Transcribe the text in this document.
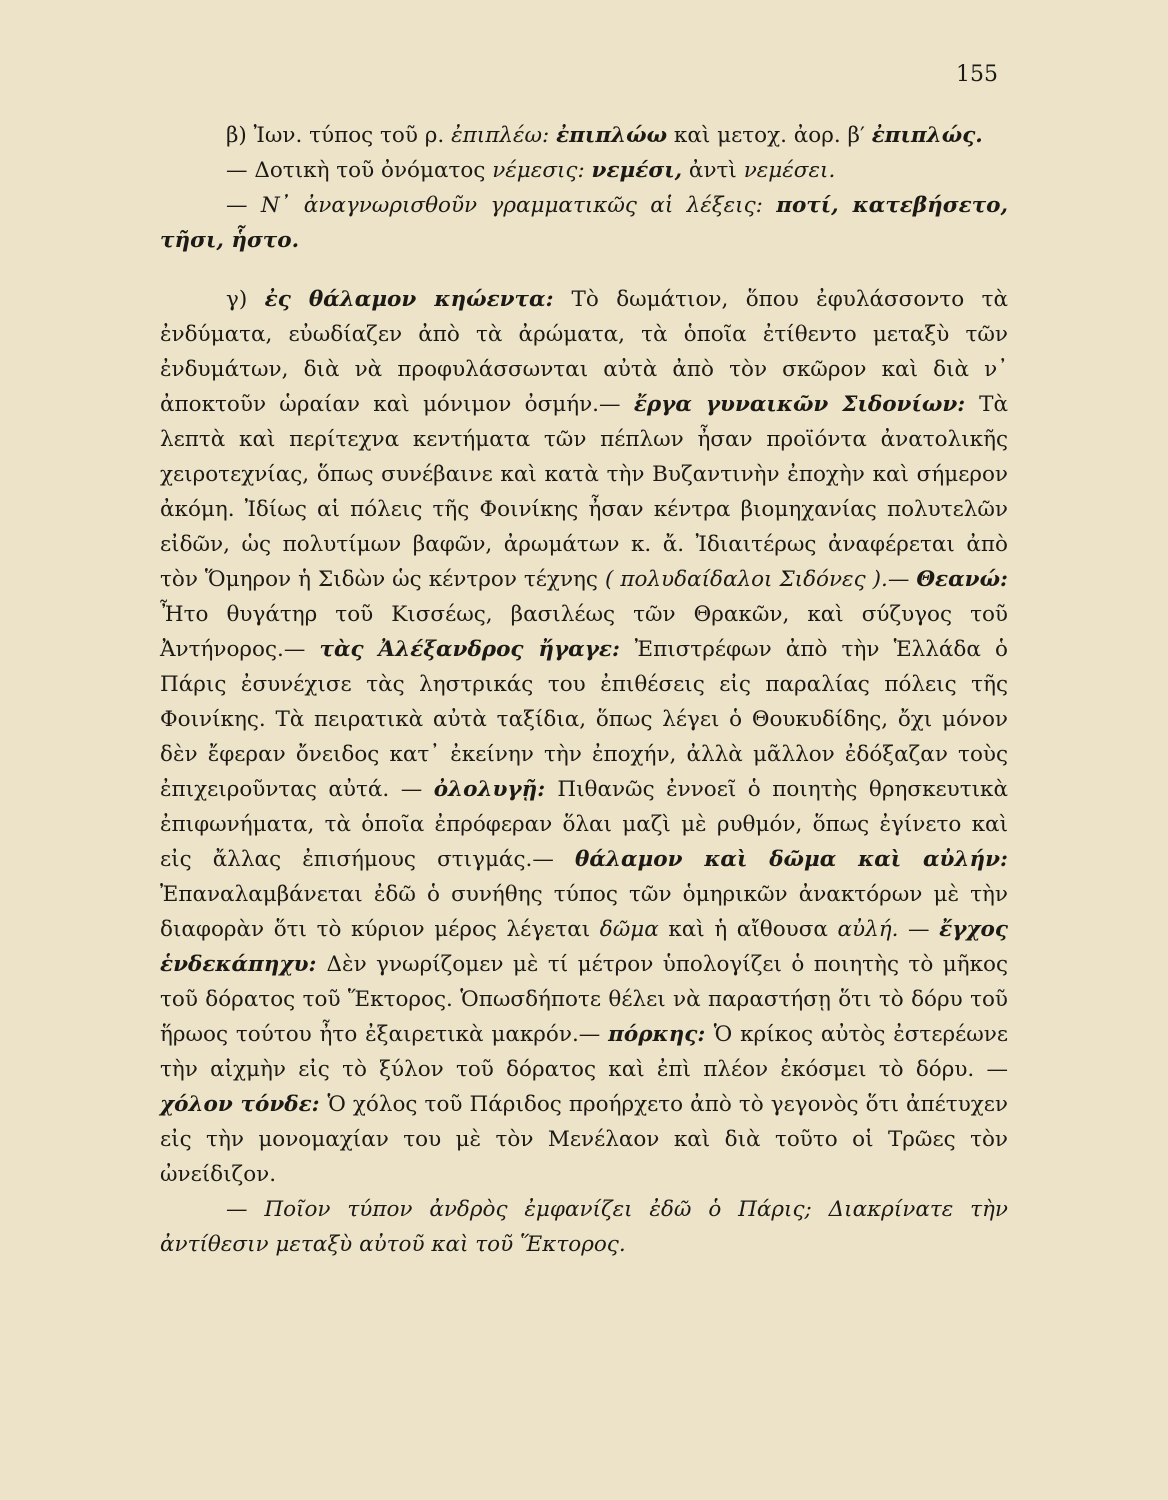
155

β) Ἰων. τύπος τοῦ ρ. ἐπιπλέω: ἐπιπλώω καὶ μετοχ. ἀορ. β′ ἐπιπλώς.

— Δοτικὴ τοῦ ὀνόματος νέμεσις: νεμέσι, ἀντὶ νεμέσει.

— Ν᾿ ἀναγνωρισθοῦν γραμματικῶς αἱ λέξεις: ποτί, κατεβήσετο, τῆσι, ἧστο.

γ) ἐς θάλαμον κηώεντα: Τὸ δωμάτιον, ὅπου ἐφυλάσσοντο τὰ ἐνδύματα, εὐωδίαζεν ἀπὸ τὰ ἀρώματα, τὰ ὁποῖα ἐτίθεντο μεταξὺ τῶν ἐνδυμάτων, διὰ νὰ προφυλάσσωνται αὐτὰ ἀπὸ τὸν σκῶρον καὶ διὰ ν᾿ ἀποκτοῦν ὡραίαν καὶ μόνιμον ὀσμήν.— ἔργα γυναικῶν Σιδονίων: Τὰ λεπτὰ καὶ περίτεχνα κεντήματα τῶν πέπλων ἦσαν προϊόντα ἀνατολικῆς χειροτεχνίας, ὅπως συνέβαινε καὶ κατὰ τὴν Βυζαντινὴν ἐποχὴν καὶ σήμερον ἀκόμη. Ἰδίως αἱ πόλεις τῆς Φοινίκης ἦσαν κέντρα βιομηχανίας πολυτελῶν εἰδῶν, ὡς πολυτίμων βαφῶν, ἀρωμάτων κ. ἄ. Ἰδιαιτέρως ἀναφέρεται ἀπὸ τὸν Ὅμηρον ἡ Σιδὼν ὡς κέντρον τέχνης ( πολυδαίδαλοι Σιδόνες ).— Θεανώ: Ἦτο θυγάτηρ τοῦ Κισσέως, βασιλέως τῶν Θρακῶν, καὶ σύζυγος τοῦ Ἀντήνορος.— τὰς Ἀλέξανδρος ἤγαγε: Ἐπιστρέφων ἀπὸ τὴν Ἑλλάδα ὁ Πάρις ἐσυνέχισε τὰς ληστρικάς του ἐπιθέσεις εἰς παραλίας πόλεις τῆς Φοινίκης. Τὰ πειρατικὰ αὐτὰ ταξίδια, ὅπως λέγει ὁ Θουκυδίδης, ὄχι μόνον δὲν ἔφεραν ὄνειδος κατ᾿ ἐκείνην τὴν ἐποχήν, ἀλλὰ μᾶλλον ἐδόξαζαν τοὺς ἐπιχειροῦντας αὐτά. — ὀλολυγῇ: Πιθανῶς ἐννοεῖ ὁ ποιητὴς θρησκευτικὰ ἐπιφωνήματα, τὰ ὁποῖα ἐπρόφεραν ὅλαι μαζὶ μὲ ρυθμόν, ὅπως ἐγίνετο καὶ εἰς ἄλλας ἐπισήμους στιγμάς.— θάλαμον καὶ δῶμα καὶ αὐλήν: Ἐπαναλαμβάνεται ἐδῶ ὁ συνήθης τύπος τῶν ὁμηρικῶν ἀνακτόρων μὲ τὴν διαφορὰν ὅτι τὸ κύριον μέρος λέγεται δῶμα καὶ ἡ αἴθουσα αὐλή. — ἔγχος ἑνδεκάπηχυ: Δὲν γνωρίζομεν μὲ τί μέτρον ὑπολογίζει ὁ ποιητὴς τὸ μῆκος τοῦ δόρατος τοῦ Ἕκτορος. Ὁπωσδήποτε θέλει νὰ παραστήσῃ ὅτι τὸ δόρυ τοῦ ἥρωος τούτου ἦτο ἐξαιρετικὰ μακρόν.— πόρκης: Ὁ κρίκος αὐτὸς ἐστερέωνε τὴν αἰχμὴν εἰς τὸ ξύλον τοῦ δόρατος καὶ ἐπὶ πλέον ἐκόσμει τὸ δόρυ. — χόλον τόνδε: Ὁ χόλος τοῦ Πάριδος προήρχετο ἀπὸ τὸ γεγονὸς ὅτι ἀπέτυχεν εἰς τὴν μονομαχίαν του μὲ τὸν Μενέλαον καὶ διὰ τοῦτο οἱ Τρῶες τὸν ὠνείδιζον.

— Ποῖον τύπον ἀνδρὸς ἐμφανίζει ἐδῶ ὁ Πάρις; Διακρίνατε τὴν ἀντίθεσιν μεταξὺ αὐτοῦ καὶ τοῦ Ἕκτορος.
